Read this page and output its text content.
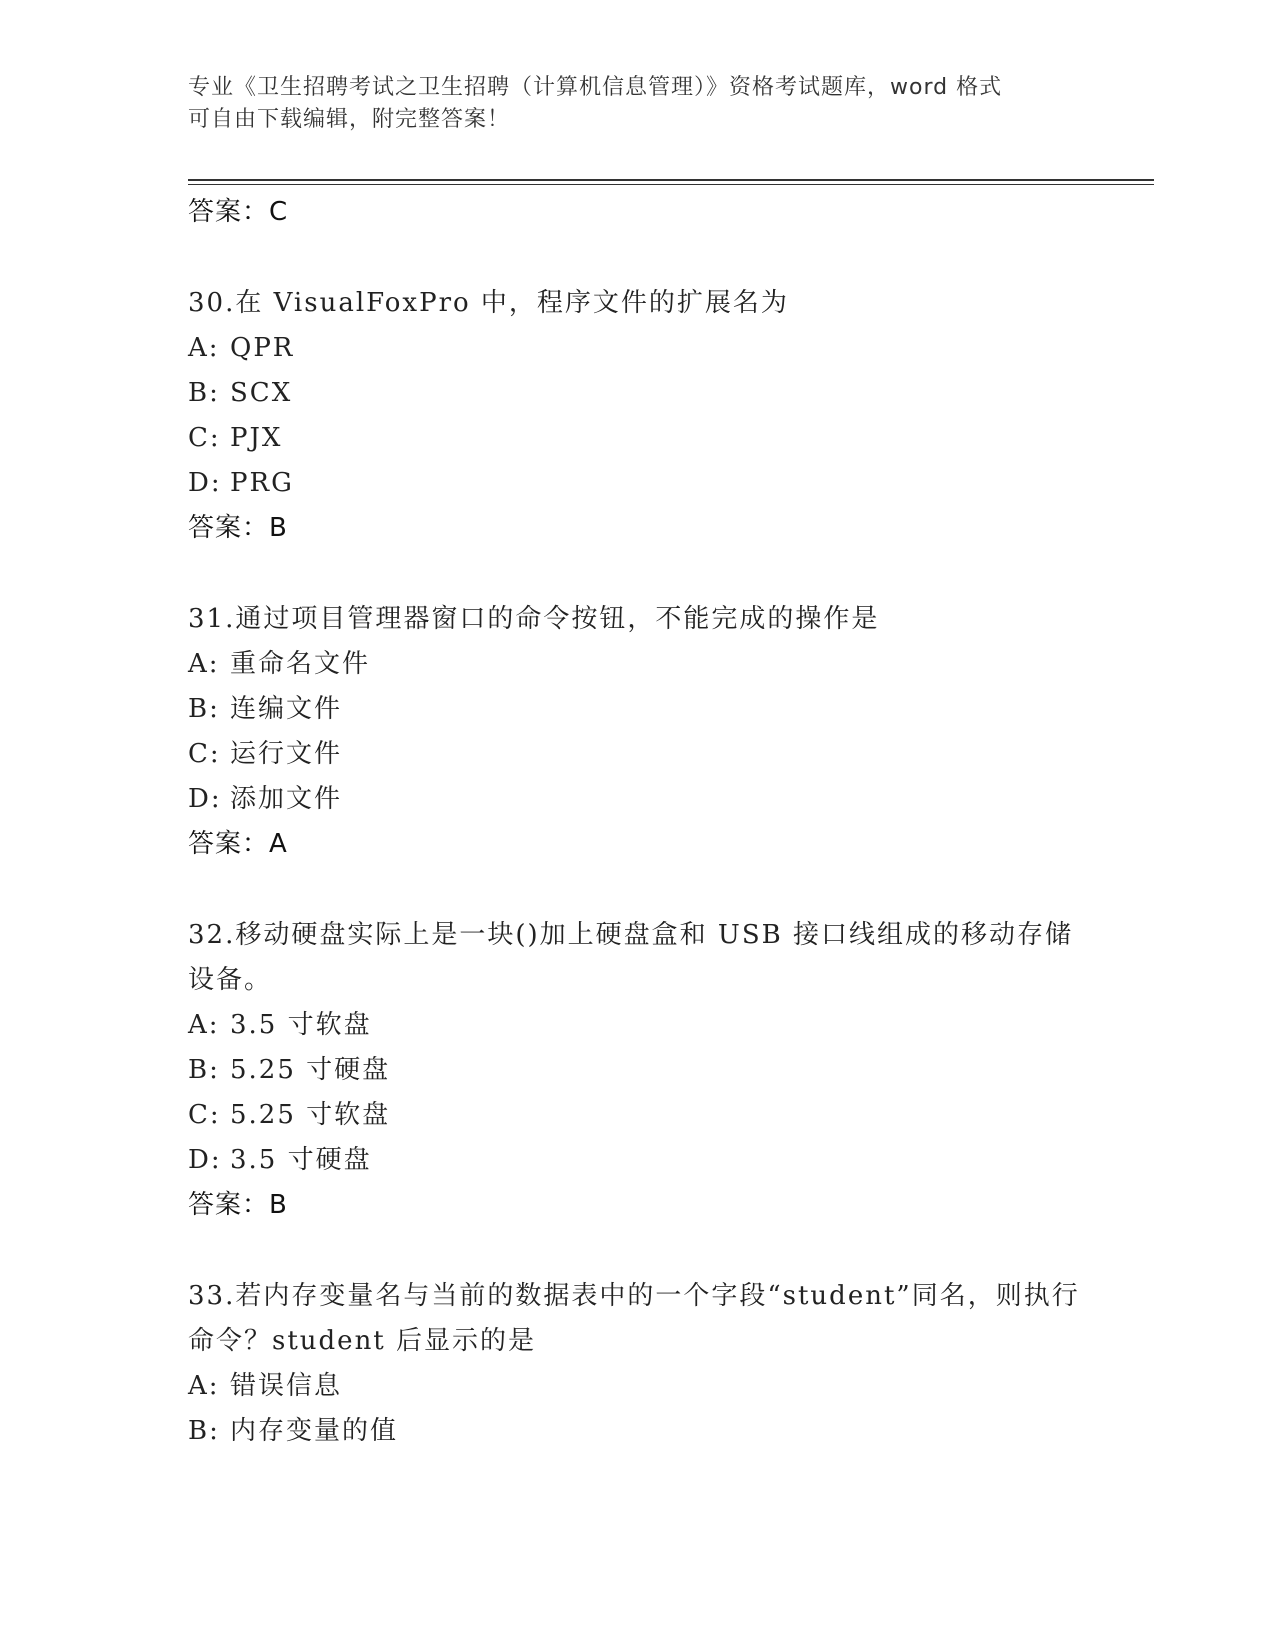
专业《卫生招聘考试之卫生招聘（计算机信息管理）》资格考试题库，word 格式
可自由下载编辑，附完整答案！
答案：C
30.在 VisualFoxPro 中，程序文件的扩展名为
A: QPR
B: SCX
C: PJX
D: PRG
答案：B
31.通过项目管理器窗口的命令按钮，不能完成的操作是
A: 重命名文件
B: 连编文件
C: 运行文件
D: 添加文件
答案：A
32.移动硬盘实际上是一块()加上硬盘盒和 USB 接口线组成的移动存储设备。
A: 3.5 寸软盘
B: 5.25 寸硬盘
C: 5.25 寸软盘
D: 3.5 寸硬盘
答案：B
33.若内存变量名与当前的数据表中的一个字段“student”同名，则执行命令？student 后显示的是
A: 错误信息
B: 内存变量的值
